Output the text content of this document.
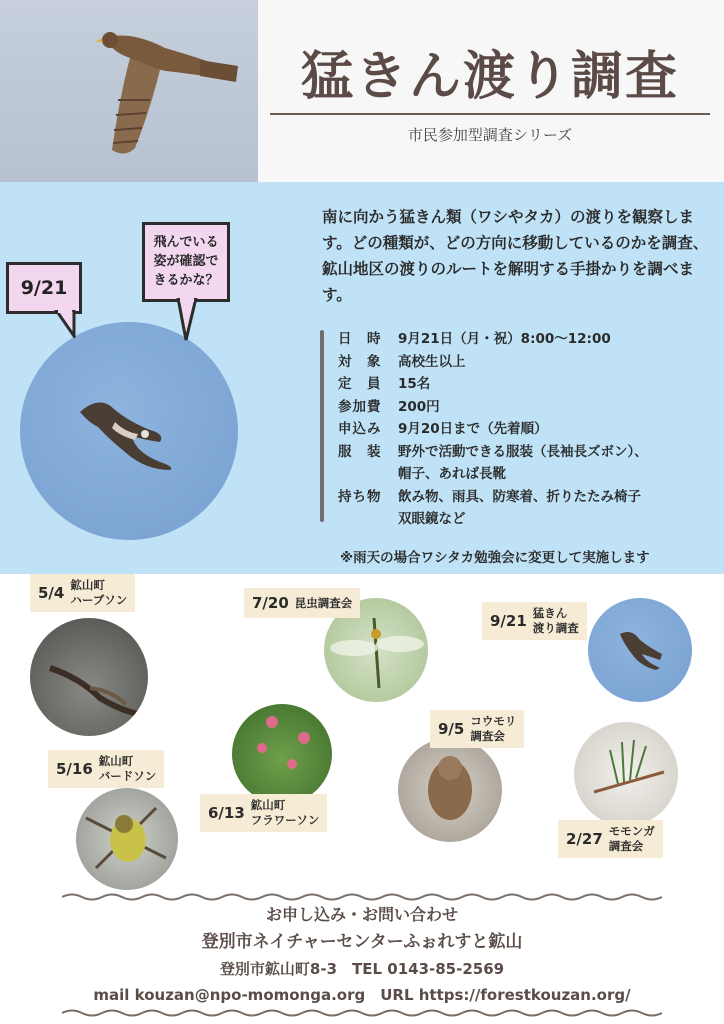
猛きん渡り調査
市民参加型調査シリーズ
9/21
飛んでいる姿が確認できるかな？
南に向かう猛きん類（ワシやタカ）の渡りを観察します。どの種類が、どの方向に移動しているのかを調査、鉱山地区の渡りのルートを解明する手掛かりを調べます。
日　時	9月21日（月・祝）8:00〜12:00
対　象	高校生以上
定　員	15名
参加費	200円
申込み	9月20日まで（先着順）
服　装	野外で活動できる服装（長袖長ズボン）、
帽子、あれば長靴
持ち物	飲み物、雨具、防寒着、折りたたみ椅子
双眼鏡など
※雨天の場合ワシタカ勉強会に変更して実施します
5/4 鉱山町
ハーブソン	7/20 昆虫調査会
9/21 猛きん
渡り調査
5/16 鉱山町
バードソン
6/13 鉱山町
フラワーソン
9/5 コウモリ
調査会
2/27 モモンガ
調査会
お申し込み・お問い合わせ
登別市ネイチャーセンターふぉれすと鉱山
登別市鉱山町8-3　TEL 0143-85-2569
mail kouzan@npo-momonga.org　URL https://forestkouzan.org/
